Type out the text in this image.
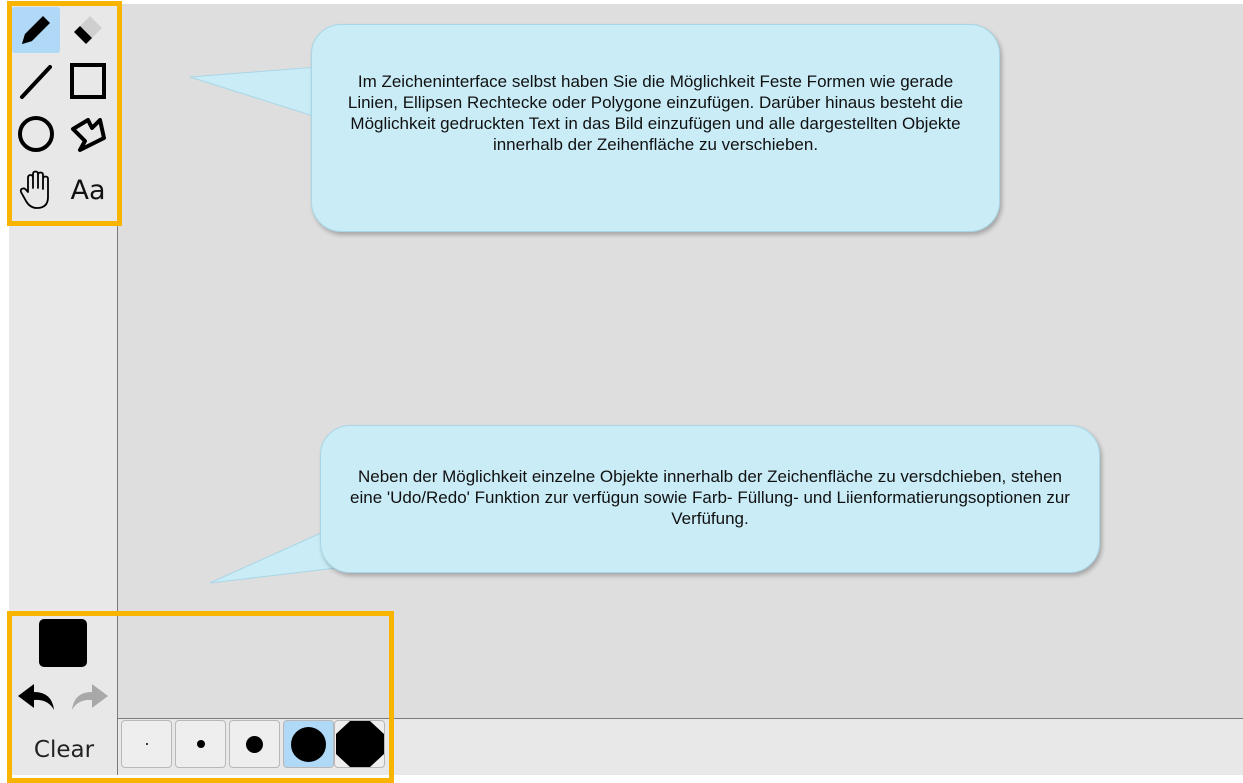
Aa
Clear
Im Zeicheninterface selbst haben Sie die Möglichkeit Feste Formen wie gerade Linien, Ellipsen Rechtecke oder Polygone einzufügen. Darüber hinaus besteht die Möglichkeit gedruckten Text in das Bild einzufügen und alle dargestellten Objekte innerhalb der Zeihenfläche zu verschieben.
Neben der Möglichkeit einzelne Objekte innerhalb der Zeichenfläche zu versdchieben, stehen eine 'Udo/Redo' Funktion zur verfügun sowie Farb- Füllung- und Liienformatierungsoptionen zur Verfüfung.
